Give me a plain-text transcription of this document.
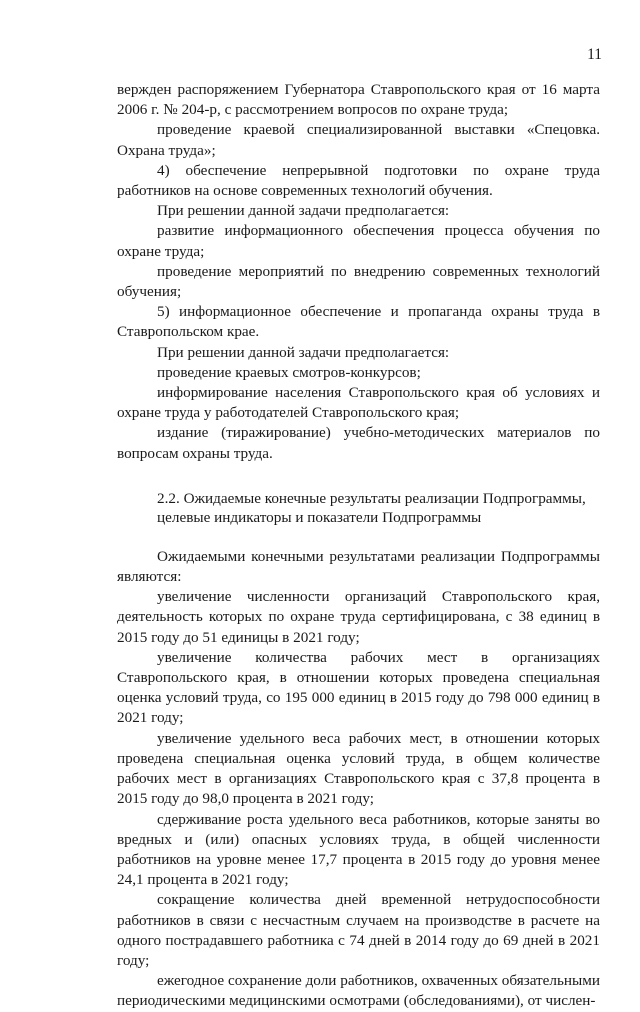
11

вержден распоряжением Губернатора Ставропольского края от 16 марта 2006 г. № 204-р, с рассмотрением вопросов по охране труда;

проведение краевой специализированной выставки «Спецовка. Охрана труда»;

4) обеспечение непрерывной подготовки по охране труда работников на основе современных технологий обучения.

При решении данной задачи предполагается:

развитие информационного обеспечения процесса обучения по охране труда;

проведение мероприятий по внедрению современных технологий обучения;

5) информационное обеспечение и пропаганда охраны труда в Ставропольском крае.

При решении данной задачи предполагается:

проведение краевых смотров-конкурсов;

информирование населения Ставропольского края об условиях и охране труда у работодателей Ставропольского края;

издание (тиражирование) учебно-методических материалов по вопросам охраны труда.

2.2. Ожидаемые конечные результаты реализации Подпрограммы, целевые индикаторы и показатели Подпрограммы

Ожидаемыми конечными результатами реализации Подпрограммы являются:

увеличение численности организаций Ставропольского края, деятельность которых по охране труда сертифицирована, с 38 единиц в 2015 году до 51 единицы в 2021 году;

увеличение количества рабочих мест в организациях Ставропольского края, в отношении которых проведена специальная оценка условий труда, со 195 000 единиц в 2015 году до 798 000 единиц в 2021 году;

увеличение удельного веса рабочих мест, в отношении которых проведена специальная оценка условий труда, в общем количестве рабочих мест в организациях Ставропольского края с 37,8 процента в 2015 году до 98,0 процента в 2021 году;

сдерживание роста удельного веса работников, которые заняты во вредных и (или) опасных условиях труда, в общей численности работников на уровне менее 17,7 процента в 2015 году до уровня менее 24,1 процента в 2021 году;

сокращение количества дней временной нетрудоспособности работников в связи с несчастным случаем на производстве в расчете на одного пострадавшего работника с 74 дней в 2014 году до 69 дней в 2021 году;

ежегодное сохранение доли работников, охваченных обязательными периодическими медицинскими осмотрами (обследованиями), от числен-
